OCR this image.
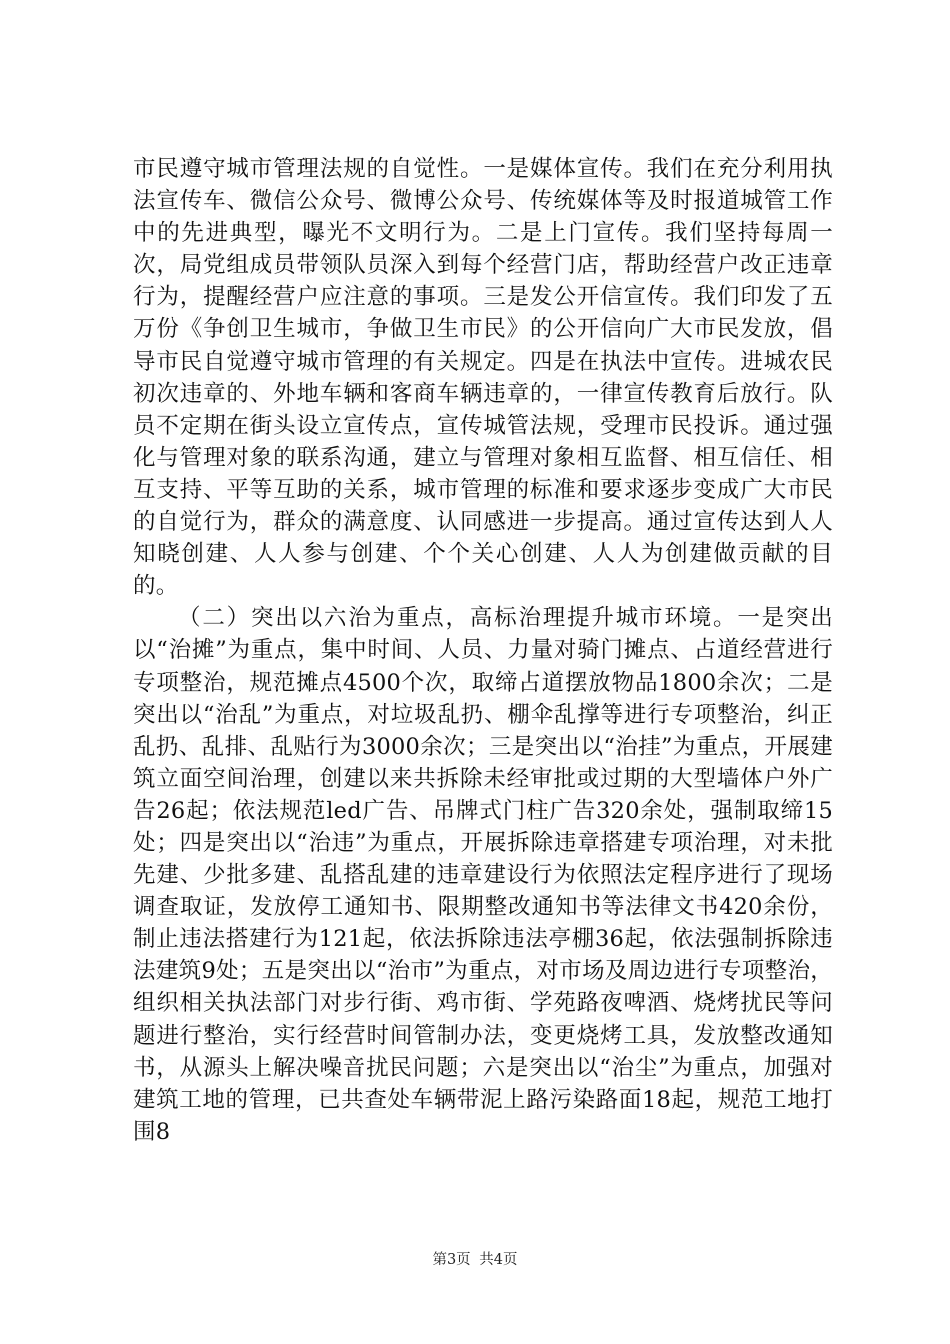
市民遵守城市管理法规的自觉性。一是媒体宣传。我们在充分利用执法宣传车、微信公众号、微博公众号、传统媒体等及时报道城管工作中的先进典型，曝光不文明行为。二是上门宣传。我们坚持每周一次，局党组成员带领队员深入到每个经营门店，帮助经营户改正违章行为，提醒经营户应注意的事项。三是发公开信宣传。我们印发了五万份《争创卫生城市，争做卫生市民》的公开信向广大市民发放，倡导市民自觉遵守城市管理的有关规定。四是在执法中宣传。进城农民初次违章的、外地车辆和客商车辆违章的，一律宣传教育后放行。队员不定期在街头设立宣传点，宣传城管法规，受理市民投诉。通过强化与管理对象的联系沟通，建立与管理对象相互监督、相互信任、相互支持、平等互助的关系，城市管理的标准和要求逐步变成广大市民的自觉行为，群众的满意度、认同感进一步提高。通过宣传达到人人知晓创建、人人参与创建、个个关心创建、人人为创建做贡献的目的。

（二）突出以六治为重点，高标治理提升城市环境。一是突出以“治摊”为重点，集中时间、人员、力量对骑门摊点、占道经营进行专项整治，规范摊点4500个次，取缔占道摆放物品1800余次；二是突出以“治乱”为重点，对垃圾乱扔、棚伞乱撑等进行专项整治，纠正乱扔、乱排、乱贴行为3000余次；三是突出以“治挂”为重点，开展建筑立面空间治理，创建以来共拆除未经审批或过期的大型墙体户外广告26起；依法规范led广告、吊牌式门柱广告320余处，强制取缔15处；四是突出以“治违”为重点，开展拆除违章搭建专项治理，对未批先建、少批多建、乱搭乱建的违章建设行为依照法定程序进行了现场调查取证，发放停工通知书、限期整改通知书等法律文书420余份，制止违法搭建行为121起，依法拆除违法亭棚36起，依法强制拆除违法建筑9处；五是突出以“治市”为重点，对市场及周边进行专项整治，组织相关执法部门对步行街、鸡市街、学苑路夜啤酒、烧烤扰民等问题进行整治，实行经营时间管制办法，变更烧烤工具，发放整改通知书，从源头上解决噪音扰民问题；六是突出以“治尘”为重点，加强对建筑工地的管理，已共查处车辆带泥上路污染路面18起，规范工地打围8

第3页 共4页
